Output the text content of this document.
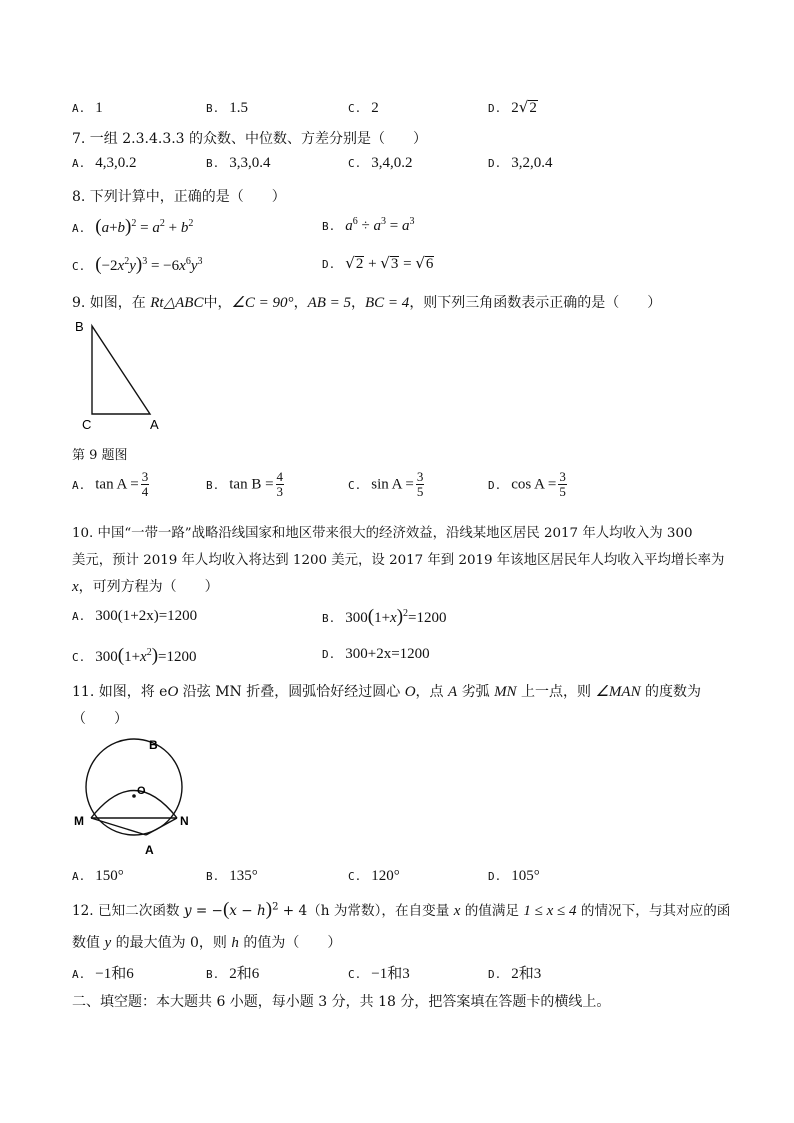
A. 1	B. 1.5	C. 2	D. 2√2
7. 一组 2.3.4.3.3 的众数、中位数、方差分别是（　　）
A. 4,3,0.2	B. 3,3,0.4	C. 3,4,0.2	D. 3,2,0.4
8. 下列计算中，正确的是（　　）
A. $(a+b)^2 = a^2 + b^2$	B. $a^6 \div a^3 = a^3$
C. $(-2x^2y)^3 = -6x^6y^3$	D. √2 + √3 = √6
9. 如图，在 Rt△ABC中，∠C = 90°，AB = 5，BC = 4，则下列三角函数表示正确的是（　　）
B
C	A
第 9 题图
A. $\tan A = \frac{3}{4}$	B. $\tan B = \frac{4}{3}$	C. $\sin A = \frac{3}{5}$	D. $\cos A = \frac{3}{5}$
10. 中国“一带一路”战略沿线国家和地区带来很大的经济效益，沿线某地区居民 2017 年人均收入为 300
美元，预计 2019 年人均收入将达到 1200 美元，设 2017 年到 2019 年该地区居民年人均收入平均增长率为
x，可列方程为（　　）
A. 300(1+2x)=1200	B. $300(1+x)^2=1200$
C. $300(1+x^2)=1200$	D. 300+2x=1200
11. 如图，将 eO 沿弦 MN 折叠，圆弧恰好经过圆心 O，点 A 劣弧 MN 上一点，则 ∠MAN 的度数为
（　　）
B
O
M	N
A
A. 150°	B. 135°	C. 120°	D. 105°
12. 已知二次函数 $y = -(x - h)^2 + 4(h$ 为常数），在自变量 x 的值满足 1 ≤ x ≤ 4 的情况下，与其对应的函
数值 y 的最大值为 0，则 h 的值为（　　）
A. −1和6	B. 2和6	C. −1和3	D. 2和3
二、填空题：本大题共 6 小题，每小题 3 分，共 18 分，把答案填在答题卡的横线上。
